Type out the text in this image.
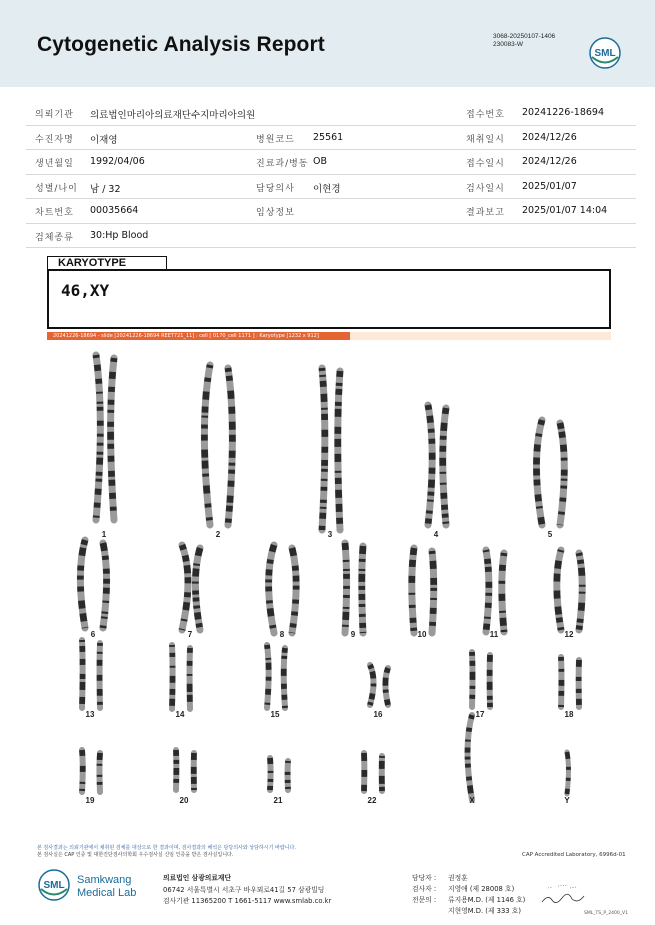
Cytogenetic Analysis Report	3068-20250107-1406
230083-W
SML
의뢰기관 의료법인마리아의료재단수지마리아의원	접수번호 20241226-18694
수진자명 이재영	병원코드 25561	채취일시 2024/12/26
생년월일 1992/04/06	진료과/병동 OB	접수일시 2024/12/26
성별/나이 남 / 32	담당의사 이현경	검사일시 2025/01/07
차트번호 00035664	임상정보	결과보고 2025/01/07 14:04
검체종류 30:Hp Blood
KARYOTYPE
46,XY
20241226-18694 - slide [20241226-18694 REET721_11] : cell [ 0170_cell 1171 ] : Karyotype [1232 x 912]
1	2	3	4	5
6	7	8	9	10	11	12
13	14	15	16	17	18
19	20	21	22	X	Y
본 검사결과는 의뢰기관에서 채취된 검체를 대상으로 한 결과이며, 검사결과의 해석은 담당의사와 상담하시기 바랍니다.
본 검사실은 CAP 인증 및 대한진단검사의학회 우수검사실 신임 인증을 받은 검사실입니다.	CAP Accredited Laboratory, 6996d-01
SML Samkwang
Medical Lab
의료법인 삼광의료재단
06742 서울특별시 서초구 바우뫼로41길 57 삼광빌딩
검사기관 11365200 T 1661-5117 www.smlab.co.kr
담당자 : 권정훈
검사자 : 지영애 (제 28008 호)
전문의 : 류지용M.D. (제 1146 호)
지현영M.D. (제 333 호)	SML_TS_P_2400_V1
